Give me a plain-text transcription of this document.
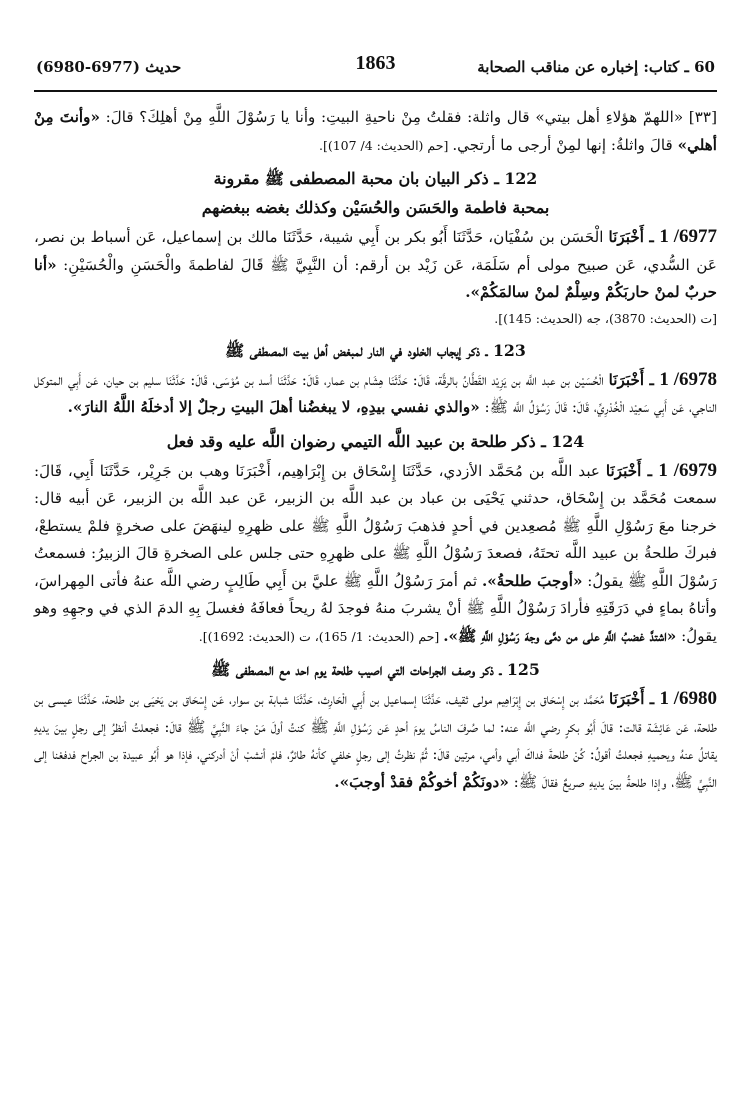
60 ـ كتاب: إخباره عن مناقب الصحابة
1863
حديث (6977-6980)

[٣٣] «اللهمّ هؤلاءِ أهل بيتي» قال واثلة: فقلتُ مِنْ ناحيةِ البيتِ: وأنا يا رَسُوْلَ اللَّهِ مِنْ أهلِكَ؟ قالَ: «وأنتَ مِنْ أهلي» قالَ واثلةُ: إنها لمِنْ أرجى ما أرتجي. [حم (الحديث: 4/ 107)].

122 ـ ذكر البيان بان محبة المصطفى ﷺ مقرونة

بمحبة فاطمة والحَسَن والحُسَيْن وكذلك بغضه ببغضهم

6977/ 1 ـ أَخْبَرَنَا الْحَسَن بن سُفْيَان، حَدَّثَنَا أَبُو بكر بن أَبِي شيبة، حَدَّثَنَا مالك بن إسماعيل، عَن أسباط بن نصر، عَن السُّدي، عَن صبيح مولى أم سَلَمَة، عَن زَيْد بن أرقم: أن النَّبِيَّ ﷺ قَالَ لفاطمةَ والْحَسَنِ والْحُسَيْنِ: «أنا حربٌ لمنْ حاربَكُمْ وسِلْمٌ لمنْ سالمَكُمْ».

[ت (الحديث: 3870)، جه (الحديث: 145)].

123 ـ ذكر إيجاب الخلود في النار لمبغض أهل بيت المصطفى ﷺ

6978/ 1 ـ أَخْبَرَنَا الْحُسَيْن بن عبد اللَّه بن يَزِيْد القَطَّانُ بالرقَّة، قَالَ: حَدَّثَنَا هِشَام بن عمار، قَالَ: حَدَّثَنَا أسد بن مُوْسَى، قَالَ: حَدَّثَنَا سليم بن حيان، عَن أَبِي المتوكل الناجي، عَن أَبِي سَعِيْد الْخُدْرِيِّ، قَالَ: قَالَ رَسُوْلُ اللَّه ﷺ: «والذي نفسي بيدِهِ، لا يبغضُنا أهلَ البيتِ رجلٌ إلا أدخلَهُ اللَّهُ النارَ».

124 ـ ذكر طلحة بن عبيد اللَّه التيمي رضوان اللَّه عليه وقد فعل

6979/ 1 ـ أَخْبَرَنَا عبد اللَّه بن مُحَمَّد الأزدي، حَدَّثَنَا إِسْحَاق بن إِبْرَاهِيم، أَخْبَرَنَا وهب بن جَرِيْر، حَدَّثَنَا أَبِي، قَالَ: سمعت مُحَمَّد بن إِسْحَاق، حدثني يَحْيَى بن عباد بن عبد اللَّه بن الزبير، عَن عبد اللَّه بن الزبير، عَن أبيه قال: خرجنا معَ رَسُوْلِ اللَّهِ ﷺ مُصعِدين في أحدٍ فذهبَ رَسُوْلُ اللَّهِ ﷺ على ظهرِهِ لينهَضَ على صخرةٍ فلمْ يستطعْ، فبركَ طلحةُ بن عبيد اللَّه تحتَهُ، فصعدَ رَسُوْلُ اللَّهِ ﷺ على ظهرِهِ حتى جلس على الصخرةِ قالَ الزبيرُ: فسمعتُ رَسُوْلَ اللَّهِ ﷺ يقولُ: «أوجبَ طلحةُ». ثم أمرَ رَسُوْلُ اللَّهِ ﷺ عليَّ بن أَبِي طَالِبٍ رضي اللَّه عنهُ فأتى المِهراسَ، وأتاهُ بماءٍ في دَرَقَتِهِ فأرادَ رَسُوْلُ اللَّهِ ﷺ أنْ يشربَ منهُ فوجدَ لهُ ريحاً فعافَهُ فغسلَ بِهِ الدمَ الذي في وجهِهِ وهو يقولُ: «اشتدَّ غضبُ اللَّهِ على من دمَّى وجهَ رَسُوْلِ اللَّهِ ﷺ». [حم (الحديث: 1/ 165)، ت (الحديث: 1692)].

125 ـ ذكر وصف الجراحات التي اصيب طلحة يوم احد مع المصطفى ﷺ

6980/ 1 ـ أَخْبَرَنَا مُحَمَّد بن إِسْحَاق بن إِبْرَاهِيم مولى ثقيف، حَدَّثَنَا إسماعيل بن أَبِي الْحَارِث، حَدَّثَنَا شبابة بن سوار، عَن إِسْحَاق بن يَحْيَى بن طلحة، حَدَّثَنَا عيسى بن طلحة، عَن عَائِشَة قالت: قالَ أَبُو بكرٍ رضي اللَّه عنه: لما صُرفَ الناسُ يومَ أحدٍ عَن رَسُوْلِ اللَّهِ ﷺ كنتُ أولَ مَنْ جاءَ النَّبِيَّ ﷺ قالَ: فجعلتُ أنظرُ إلى رجلٍ بينَ يديهِ يقاتلُ عنهُ ويحميهِ فجعلتُ أقولُ: كُنْ طلحةَ فداكَ أبي وأمي، مرتين قالَ: ثُمَّ نظرتُ إلى رجلٍ خلفي كأنهُ طائرٌ، فلمْ أنشبْ أنْ أدركني، فإذا هو أَبُو عبيدة بن الجراح فدفعْنا إلى النَّبِيِّ ﷺ، وإذا طلحةُ بينَ يديهِ صريعٌ فقالَ ﷺ: «دونَكُمْ أخوكُمْ فقدْ أوجبَ».
